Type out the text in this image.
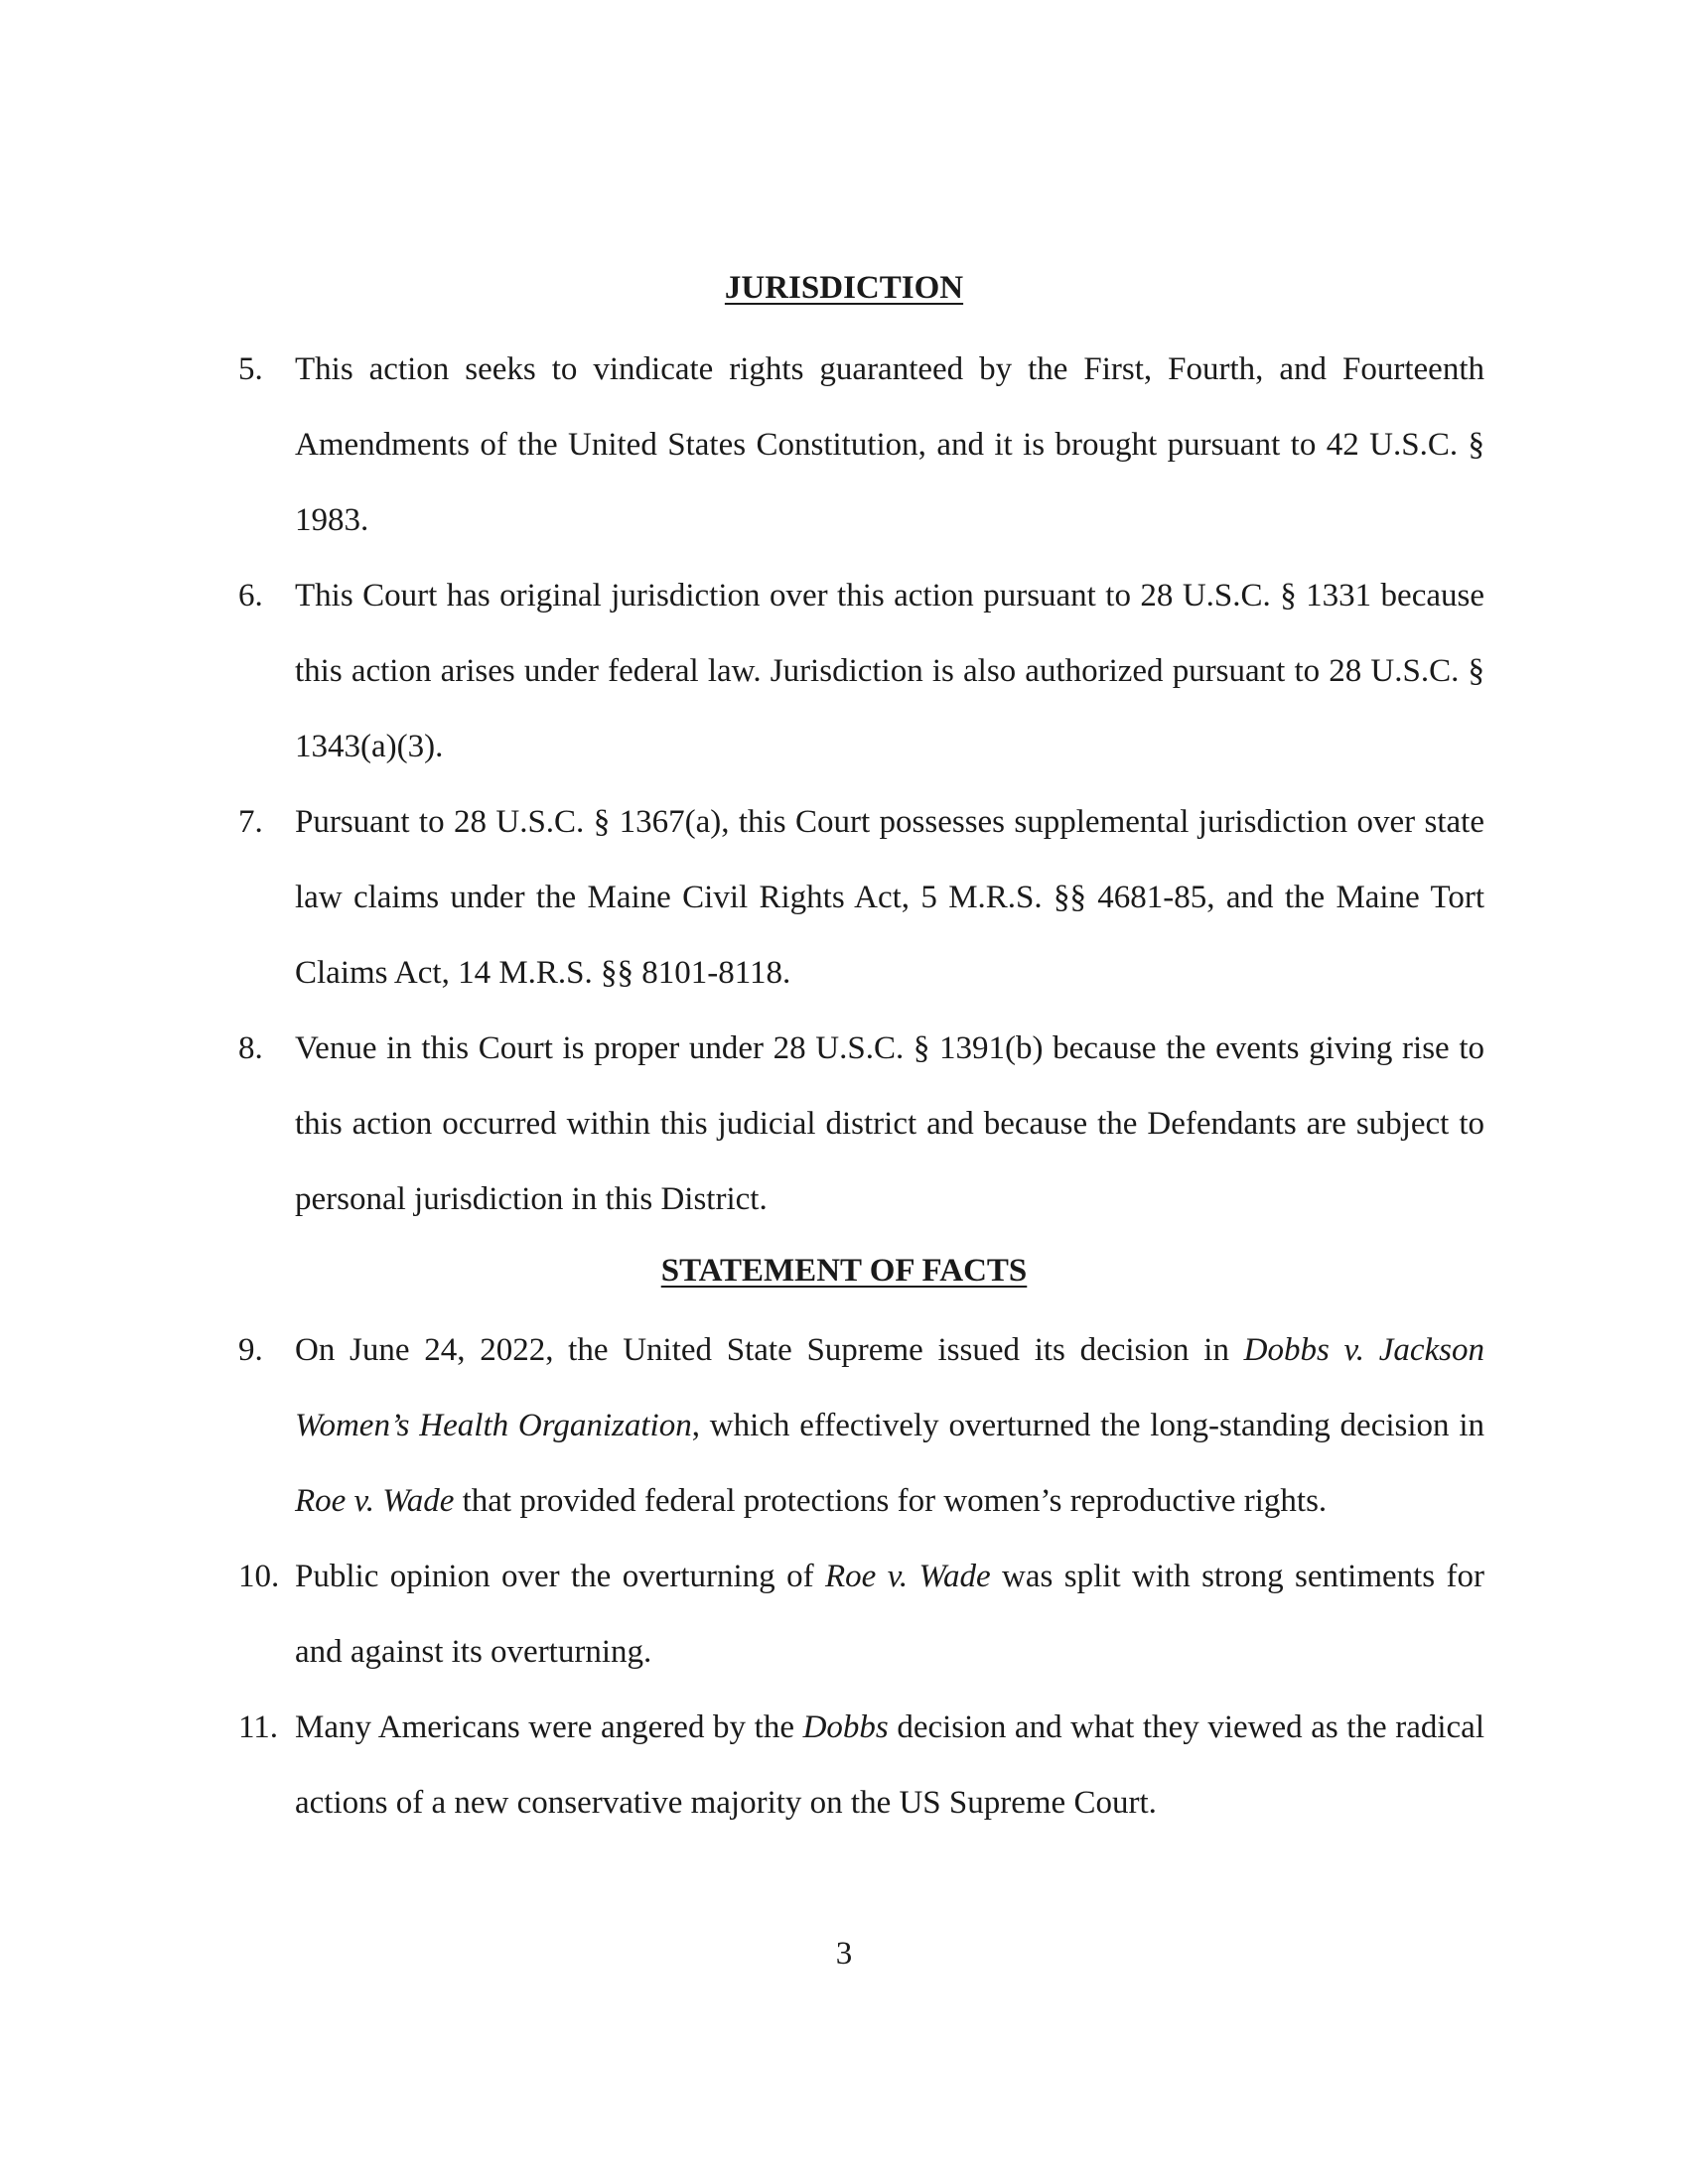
JURISDICTION
5. This action seeks to vindicate rights guaranteed by the First, Fourth, and Fourteenth
Amendments of the United States Constitution, and it is brought pursuant to 42 U.S.C. §
1983.
6. This Court has original jurisdiction over this action pursuant to 28 U.S.C. § 1331 because
this action arises under federal law. Jurisdiction is also authorized pursuant to 28 U.S.C. §
1343(a)(3).
7. Pursuant to 28 U.S.C. § 1367(a), this Court possesses supplemental jurisdiction over state
law claims under the Maine Civil Rights Act, 5 M.R.S. §§ 4681-85, and the Maine Tort
Claims Act, 14 M.R.S. §§ 8101-8118.
8. Venue in this Court is proper under 28 U.S.C. § 1391(b) because the events giving rise to
this action occurred within this judicial district and because the Defendants are subject to
personal jurisdiction in this District.
STATEMENT OF FACTS
9. On June 24, 2022, the United State Supreme issued its decision in Dobbs v. Jackson
Women’s Health Organization, which effectively overturned the long-standing decision in
Roe v. Wade that provided federal protections for women’s reproductive rights.
10. Public opinion over the overturning of Roe v. Wade was split with strong sentiments for
and against its overturning.
11. Many Americans were angered by the Dobbs decision and what they viewed as the radical
actions of a new conservative majority on the US Supreme Court.
3
